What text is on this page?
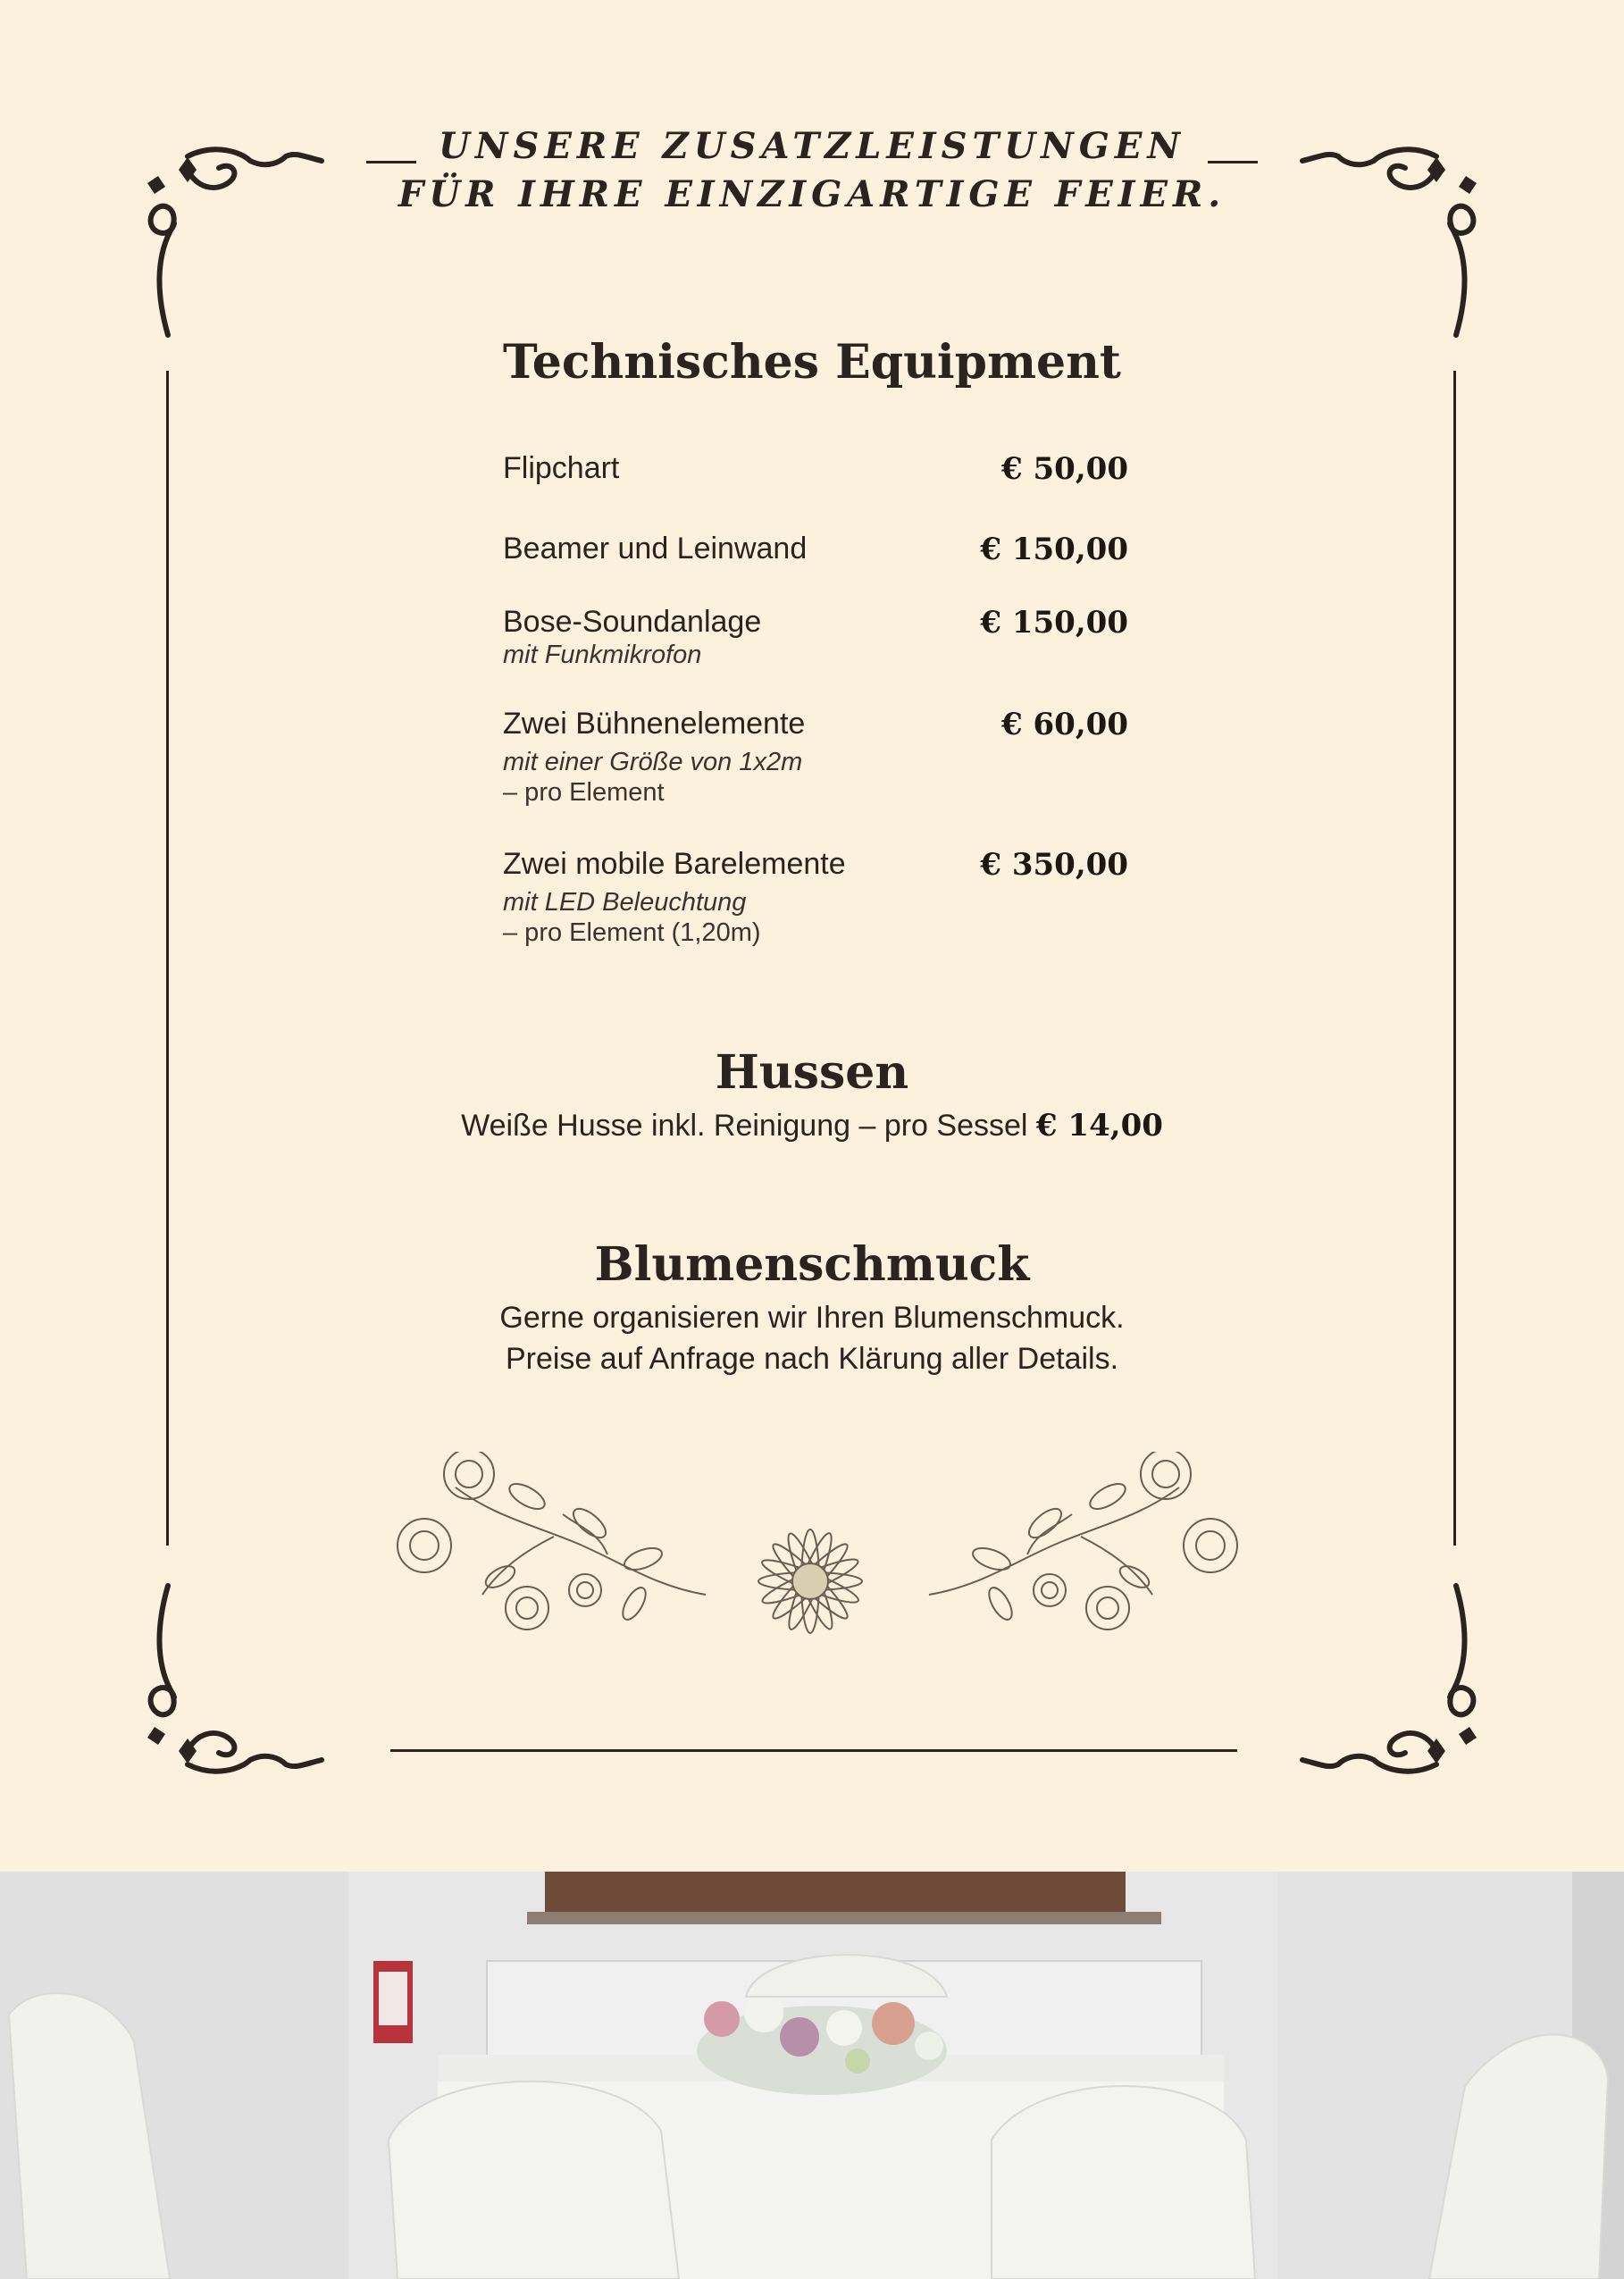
UNSERE ZUSATZLEISTUNGEN
FÜR IHRE EINZIGARTIGE FEIER.
Technisches Equipment
Flipchart	€ 50,00
Beamer und Leinwand	€ 150,00
Bose-Soundanlage
mit Funkmikrofon
€ 150,00
Zwei Bühnenelemente
mit einer Größe von 1x2m
– pro Element
€ 60,00
Zwei mobile Barelemente
mit LED Beleuchtung
– pro Element (1,20m)
€ 350,00
Hussen
Weiße Husse inkl. Reinigung – pro Sessel € 14,00
Blumenschmuck
Gerne organisieren wir Ihren Blumenschmuck.
Preise auf Anfrage nach Klärung aller Details.
